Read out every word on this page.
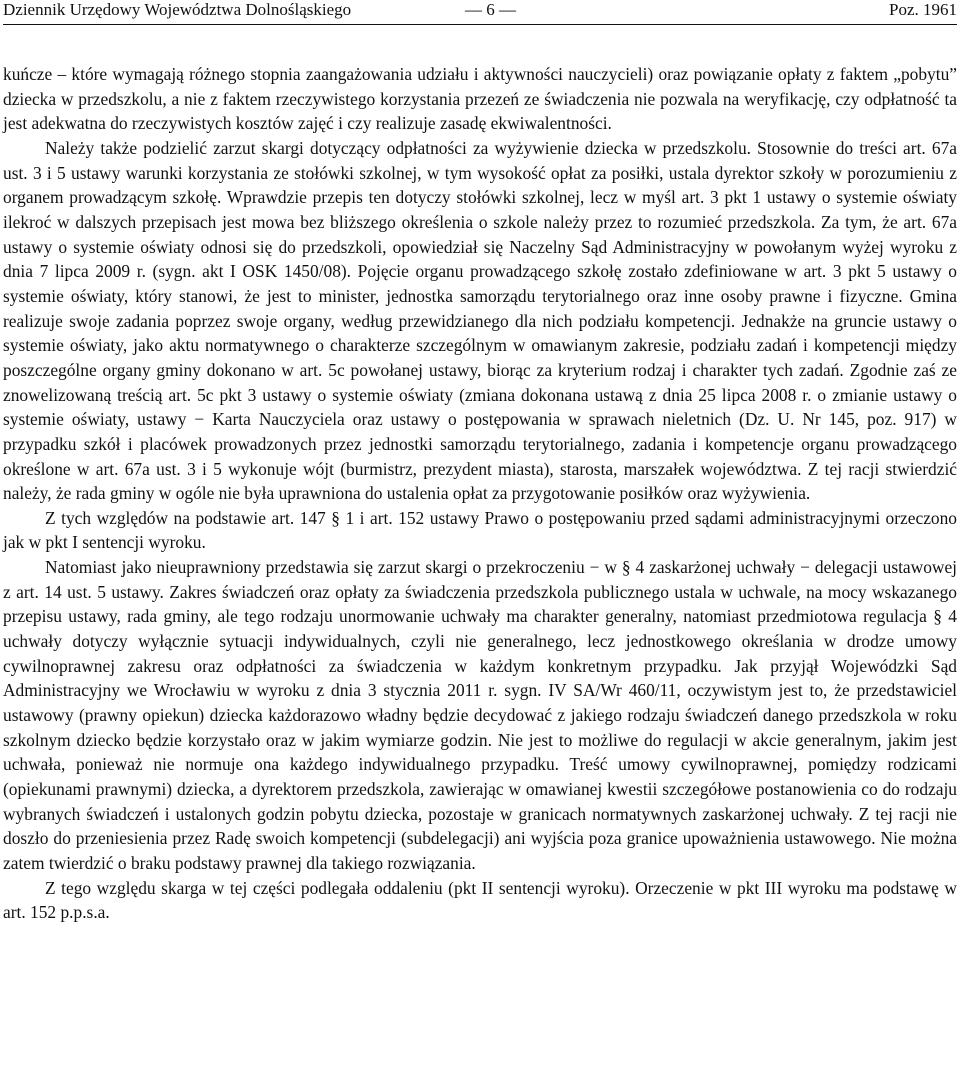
Dziennik Urzędowy Województwa Dolnośląskiego	— 6 —	Poz. 1961

kuńcze – które wymagają różnego stopnia zaangażowania udziału i aktywności nauczycieli) oraz powiązanie opłaty z faktem „pobytu” dziecka w przedszkolu, a nie z faktem rzeczywistego korzystania przezeń ze świadczenia nie pozwala na weryfikację, czy odpłatność ta jest adekwatna do rzeczywistych kosztów zajęć i czy realizuje zasadę ekwiwalentności.

Należy także podzielić zarzut skargi dotyczący odpłatności za wyżywienie dziecka w przedszkolu. Stosownie do treści art. 67a ust. 3 i 5 ustawy warunki korzystania ze stołówki szkolnej, w tym wysokość opłat za posiłki, ustala dyrektor szkoły w porozumieniu z organem prowadzącym szkołę. Wprawdzie przepis ten dotyczy stołówki szkolnej, lecz w myśl art. 3 pkt 1 ustawy o systemie oświaty ilekroć w dalszych przepisach jest mowa bez bliższego określenia o szkole należy przez to rozumieć przedszkola. Za tym, że art. 67a ustawy o systemie oświaty odnosi się do przedszkoli, opowiedział się Naczelny Sąd Administracyjny w powołanym wyżej wyroku z dnia 7 lipca 2009 r. (sygn. akt I OSK 1450/08). Pojęcie organu prowadzącego szkołę zostało zdefiniowane w art. 3 pkt 5 ustawy o systemie oświaty, który stanowi, że jest to minister, jednostka samorządu terytorialnego oraz inne osoby prawne i fizyczne. Gmina realizuje swoje zadania poprzez swoje organy, według przewidzianego dla nich podziału kompetencji. Jednakże na gruncie ustawy o systemie oświaty, jako aktu normatywnego o charakterze szczególnym w omawianym zakresie, podziału zadań i kompetencji między poszczególne organy gminy dokonano w art. 5c powołanej ustawy, biorąc za kryterium rodzaj i charakter tych zadań. Zgodnie zaś ze znowelizowaną treścią art. 5c pkt 3 ustawy o systemie oświaty (zmiana dokonana ustawą z dnia 25 lipca 2008 r. o zmianie ustawy o systemie oświaty, ustawy − Karta Nauczyciela oraz ustawy o postępowania w sprawach nieletnich (Dz. U. Nr 145, poz. 917) w przypadku szkół i placówek prowadzonych przez jednostki samorządu terytorialnego, zadania i kompetencje organu prowadzącego określone w art. 67a ust. 3 i 5 wykonuje wójt (burmistrz, prezydent miasta), starosta, marszałek województwa. Z tej racji stwierdzić należy, że rada gminy w ogóle nie była uprawniona do ustalenia opłat za przygotowanie posiłków oraz wyżywienia.

Z tych względów na podstawie art. 147 § 1 i art. 152 ustawy Prawo o postępowaniu przed sądami administracyjnymi orzeczono jak w pkt I sentencji wyroku.

Natomiast jako nieuprawniony przedstawia się zarzut skargi o przekroczeniu − w § 4 zaskarżonej uchwały − delegacji ustawowej z art. 14 ust. 5 ustawy. Zakres świadczeń oraz opłaty za świadczenia przedszkola publicznego ustala w uchwale, na mocy wskazanego przepisu ustawy, rada gminy, ale tego rodzaju unormowanie uchwały ma charakter generalny, natomiast przedmiotowa regulacja § 4 uchwały dotyczy wyłącznie sytuacji indywidualnych, czyli nie generalnego, lecz jednostkowego określania w drodze umowy cywilnoprawnej zakresu oraz odpłatności za świadczenia w każdym konkretnym przypadku. Jak przyjął Wojewódzki Sąd Administracyjny we Wrocławiu w wyroku z dnia 3 stycznia 2011 r. sygn. IV SA/Wr 460/11, oczywistym jest to, że przedstawiciel ustawowy (prawny opiekun) dziecka każdorazowo władny będzie decydować z jakiego rodzaju świadczeń danego przedszkola w roku szkolnym dziecko będzie korzystało oraz w jakim wymiarze godzin. Nie jest to możliwe do regulacji w akcie generalnym, jakim jest uchwała, ponieważ nie normuje ona każdego indywidualnego przypadku. Treść umowy cywilnoprawnej, pomiędzy rodzicami (opiekunami prawnymi) dziecka, a dyrektorem przedszkola, zawierając w omawianej kwestii szczegółowe postanowienia co do rodzaju wybranych świadczeń i ustalonych godzin pobytu dziecka, pozostaje w granicach normatywnych zaskarżonej uchwały. Z tej racji nie doszło do przeniesienia przez Radę swoich kompetencji (subdelegacji) ani wyjścia poza granice upoważnienia ustawowego. Nie można zatem twierdzić o braku podstawy prawnej dla takiego rozwiązania.

Z tego względu skarga w tej części podlegała oddaleniu (pkt II sentencji wyroku). Orzeczenie w pkt III wyroku ma podstawę w art. 152 p.p.s.a.
